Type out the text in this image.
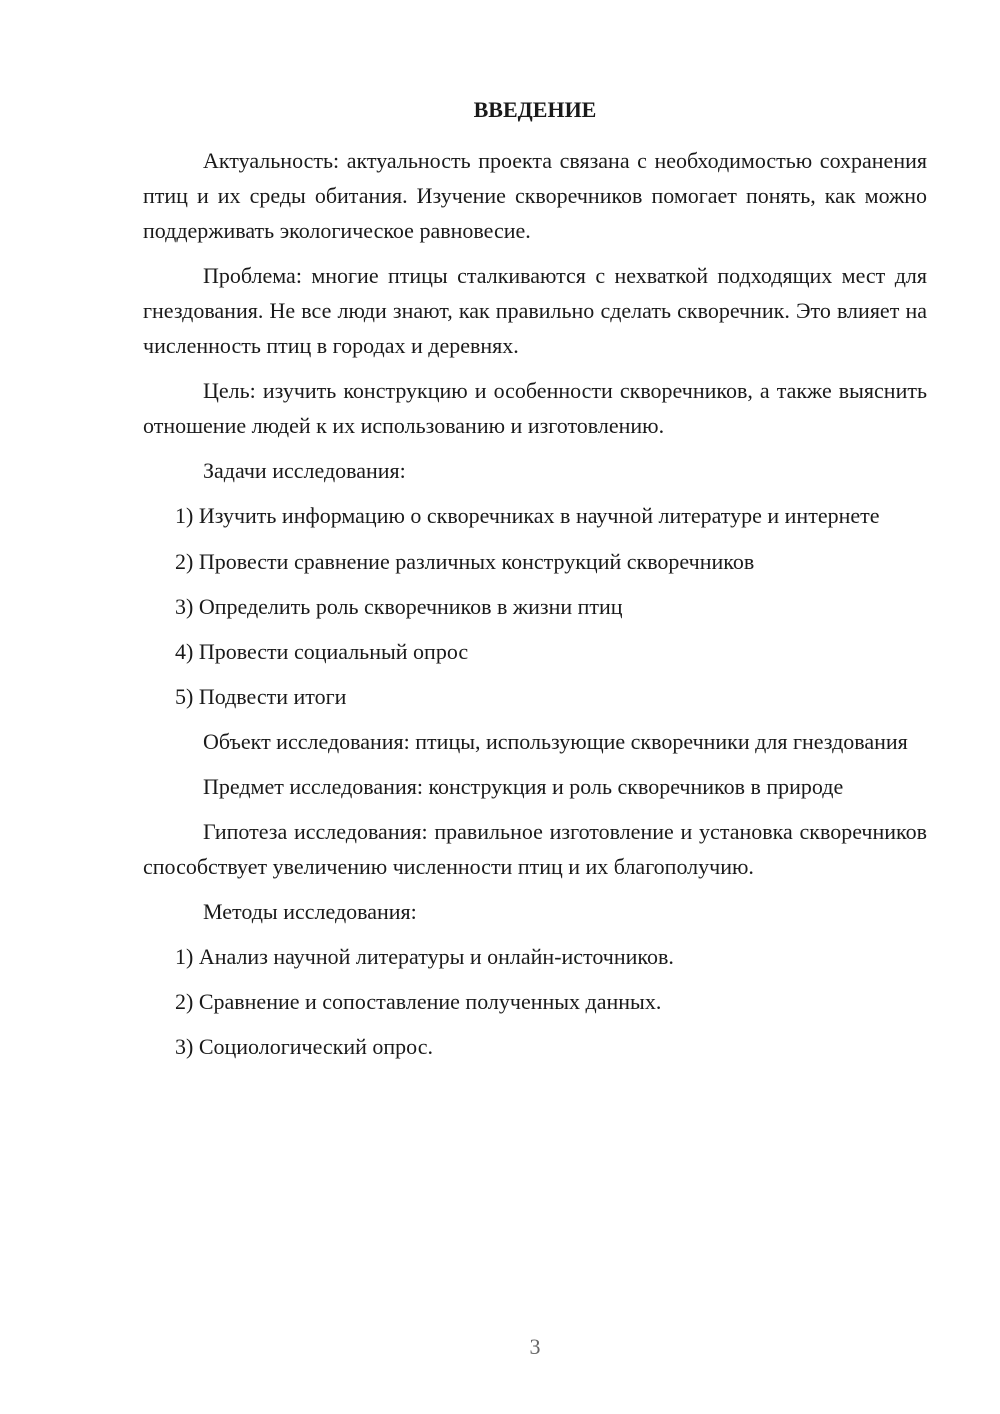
ВВЕДЕНИЕ

Актуальность: актуальность проекта связана с необходимостью сохранения птиц и их среды обитания. Изучение скворечников помогает понять, как можно поддерживать экологическое равновесие.

Проблема: многие птицы сталкиваются с нехваткой подходящих мест для гнездования. Не все люди знают, как правильно сделать скворечник. Это влияет на численность птиц в городах и деревнях.

Цель: изучить конструкцию и особенности скворечников, а также выяснить отношение людей к их использованию и изготовлению.

Задачи исследования:

1) Изучить информацию о скворечниках в научной литературе и интернете

2) Провести сравнение различных конструкций скворечников

3) Определить роль скворечников в жизни птиц

4) Провести социальный опрос

5) Подвести итоги

Объект исследования: птицы, использующие скворечники для гнездования

Предмет исследования: конструкция и роль скворечников в природе

Гипотеза исследования: правильное изготовление и установка скворечников способствует увеличению численности птиц и их благополучию.

Методы исследования:

1) Анализ научной литературы и онлайн-источников.

2) Сравнение и сопоставление полученных данных.

3) Социологический опрос.

3
